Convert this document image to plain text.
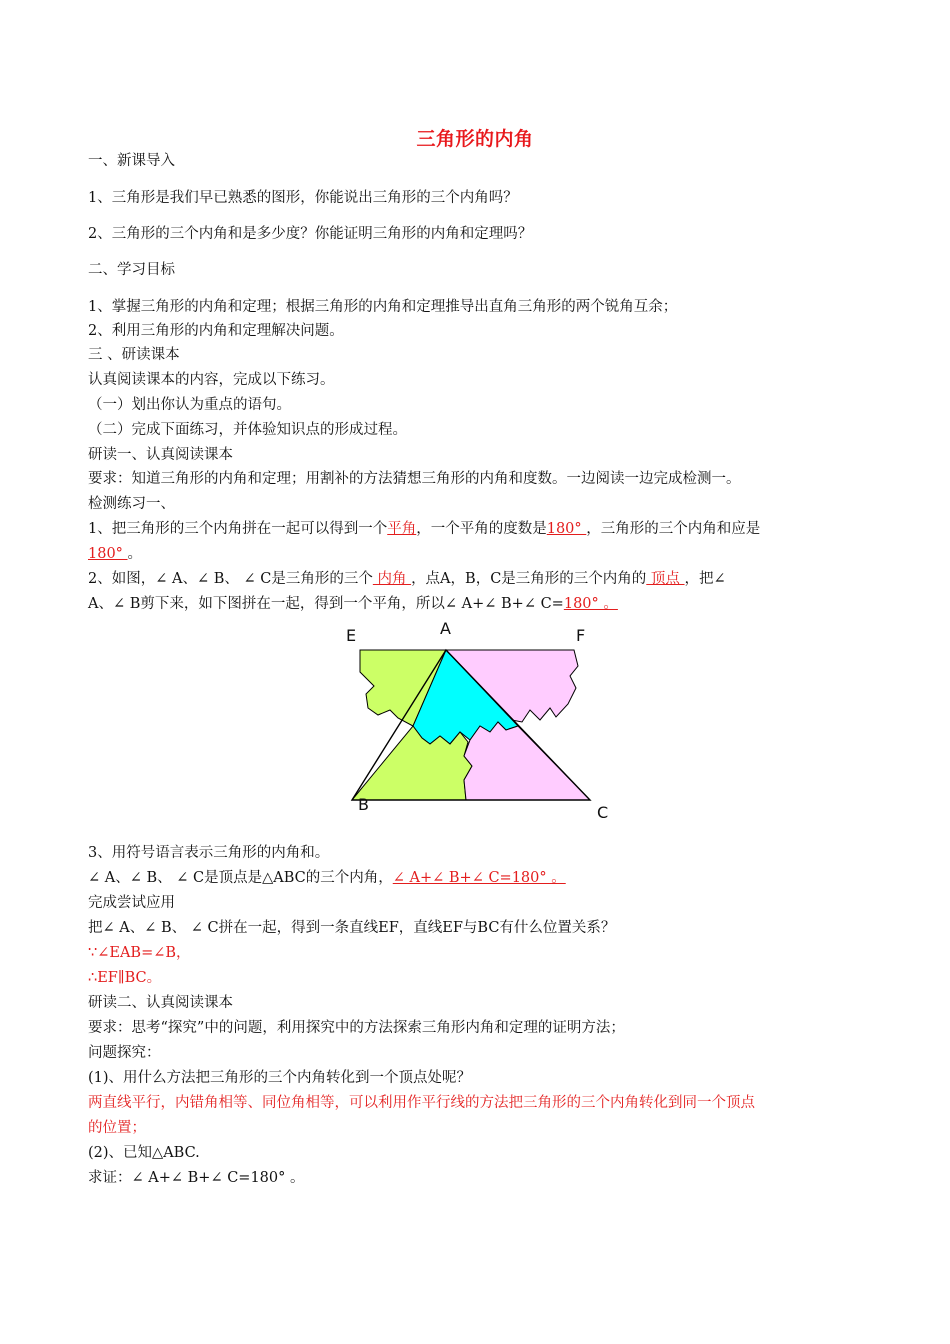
三角形的内角
一、新课导入
1、三角形是我们早已熟悉的图形，你能说出三角形的三个内角吗？
2、三角形的三个内角和是多少度？你能证明三角形的内角和定理吗？
二、学习目标
1、掌握三角形的内角和定理；根据三角形的内角和定理推导出直角三角形的两个锐角互余；
2、利用三角形的内角和定理解决问题。
三 、研读课本
认真阅读课本的内容，完成以下练习。
（一）划出你认为重点的语句。
（二）完成下面练习，并体验知识点的形成过程。
研读一、认真阅读课本
要求：知道三角形的内角和定理；用割补的方法猜想三角形的内角和度数。一边阅读一边完成检测一。
检测练习一、
1、把三角形的三个内角拼在一起可以得到一个平角，一个平角的度数是180° ，三角形的三个内角和应是
180° 。
2、如图，∠ A、∠ B、 ∠ C是三角形的三个 内角 ，点A，B，C是三角形的三个内角的 顶点 ，把∠
A、∠ B剪下来，如下图拼在一起，得到一个平角，所以∠ A+∠ B+∠ C=180° 。
E	A	F
B	C
3、用符号语言表示三角形的内角和。
∠ A、∠ B、 ∠ C是顶点是△ABC的三个内角，∠ A+∠ B+∠ C=180° 。
完成尝试应用
把∠ A、∠ B、 ∠ C拼在一起，得到一条直线EF，直线EF与BC有什么位置关系？
∵∠EAB=∠B，
∴EF∥BC。
研读二、认真阅读课本
要求：思考“探究”中的问题，利用探究中的方法探索三角形内角和定理的证明方法；
问题探究：
(1)、用什么方法把三角形的三个内角转化到一个顶点处呢？
两直线平行，内错角相等、同位角相等，可以利用作平行线的方法把三角形的三个内角转化到同一个顶点
的位置；
(2)、已知△ABC.
求证：∠ A+∠ B+∠ C=180° 。
